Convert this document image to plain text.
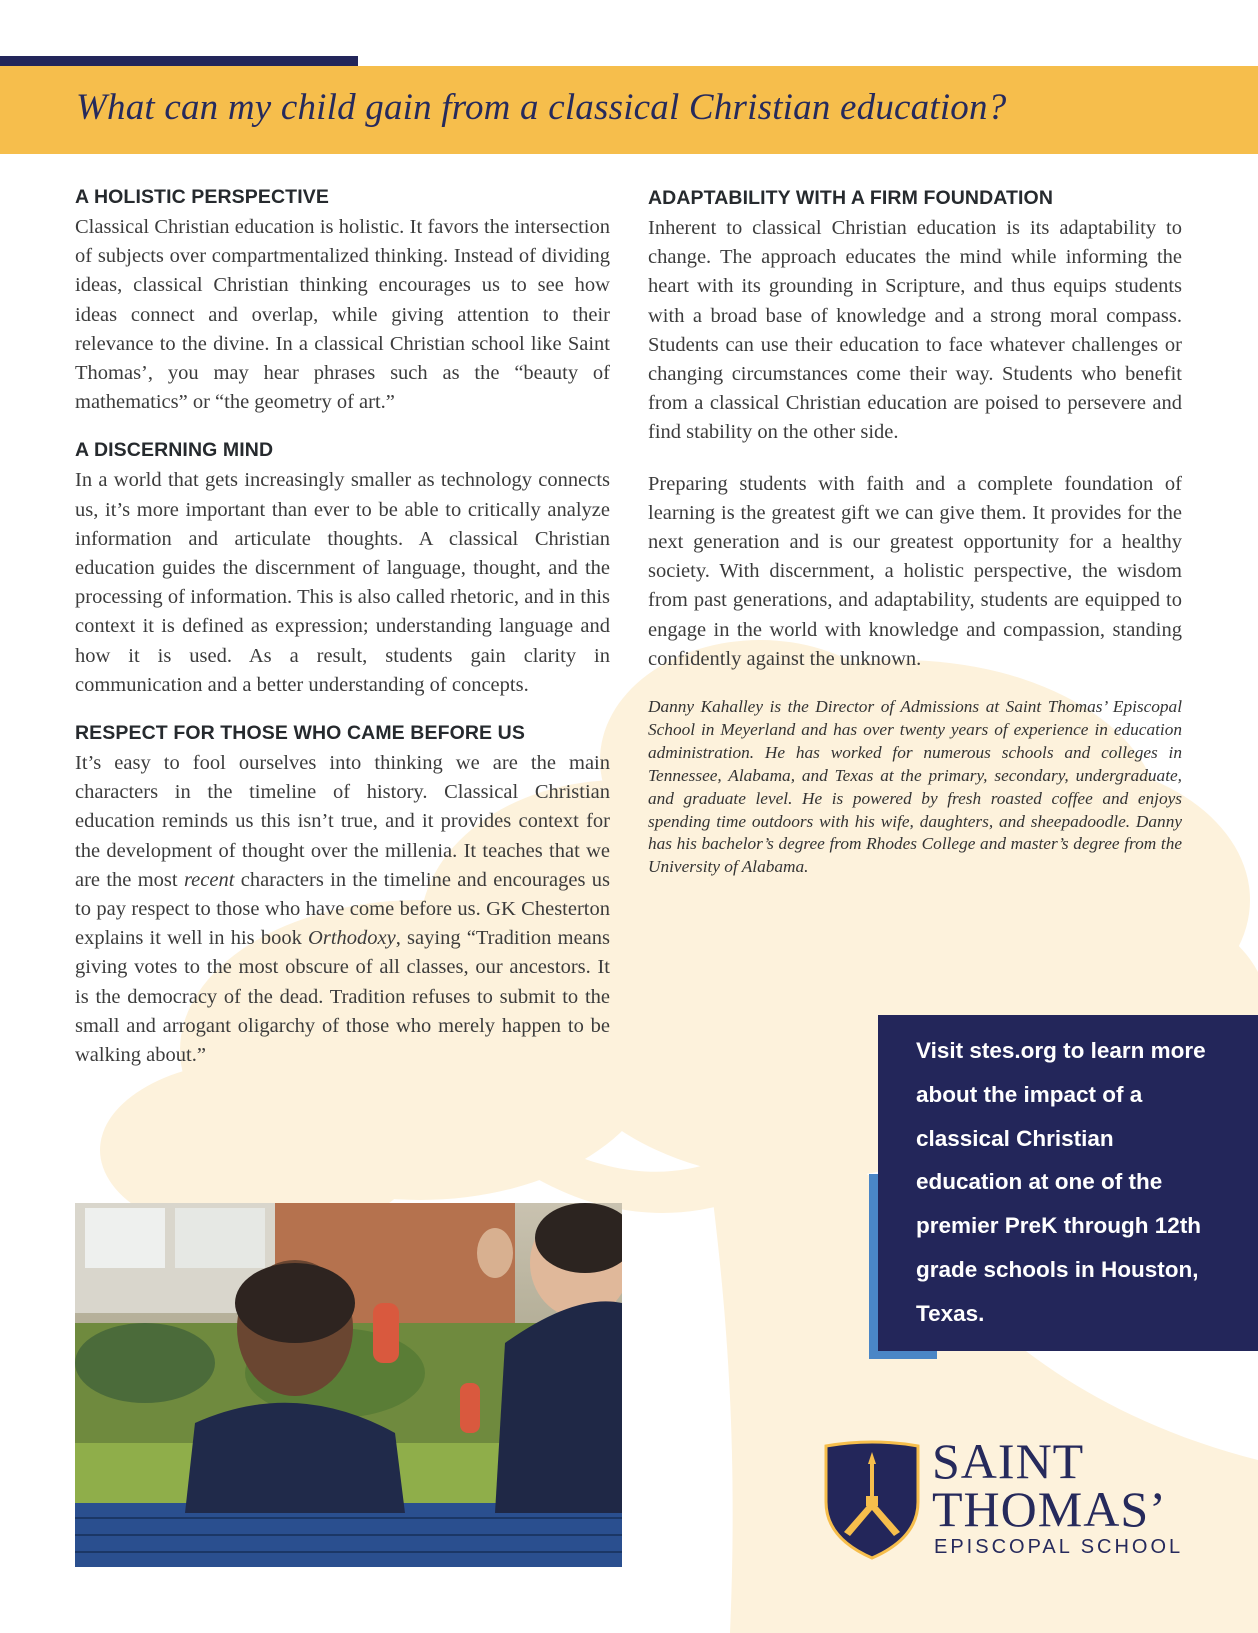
What can my child gain from a classical Christian education?
A HOLISTIC PERSPECTIVE

Classical Christian education is holistic. It favors the intersection of subjects over compartmentalized thinking. Instead of dividing ideas, classical Christian thinking encourages us to see how ideas connect and overlap, while giving attention to their relevance to the divine. In a classical Christian school like Saint Thomas’, you may hear phrases such as the “beauty of mathematics” or “the geometry of art.”

A DISCERNING MIND

In a world that gets increasingly smaller as technology connects us, it’s more important than ever to be able to critically analyze information and articulate thoughts. A classical Christian education guides the discernment of language, thought, and the processing of information. This is also called rhetoric, and in this context it is defined as expression; understanding language and how it is used. As a result, students gain clarity in communication and a better understanding of concepts.

RESPECT FOR THOSE WHO CAME BEFORE US

It’s easy to fool ourselves into thinking we are the main characters in the timeline of history. Classical Christian education reminds us this isn’t true, and it provides context for the development of thought over the millenia. It teaches that we are the most recent characters in the timeline and encourages us to pay respect to those who have come before us. GK Chesterton explains it well in his book Orthodoxy, saying “Tradition means giving votes to the most obscure of all classes, our ancestors. It is the democracy of the dead. Tradition refuses to submit to the small and arrogant oligarchy of those who merely happen to be walking about.”

ADAPTABILITY WITH A FIRM FOUNDATION

Inherent to classical Christian education is its adaptability to change. The approach educates the mind while informing the heart with its grounding in Scripture, and thus equips students with a broad base of knowledge and a strong moral compass. Students can use their education to face whatever challenges or changing circumstances come their way. Students who benefit from a classical Christian education are poised to persevere and find stability on the other side.

Preparing students with faith and a complete foundation of learning is the greatest gift we can give them. It provides for the next generation and is our greatest opportunity for a healthy society. With discernment, a holistic perspective, the wisdom from past generations, and adaptability, students are equipped to engage in the world with knowledge and compassion, standing confidently against the unknown.

Danny Kahalley is the Director of Admissions at Saint Thomas’ Episcopal School in Meyerland and has over twenty years of experience in education administration. He has worked for numerous schools and colleges in Tennessee, Alabama, and Texas at the primary, secondary, undergraduate, and graduate level. He is powered by fresh roasted coffee and enjoys spending time outdoors with his wife, daughters, and sheepadoodle. Danny has his bachelor’s degree from Rhodes College and master’s degree from the University of Alabama.

Visit stes.org to learn more about the impact of a classical Christian education at one of the premier PreK through 12th grade schools in Houston, Texas.
SAINT
THOMAS’
EPISCOPAL SCHOOL
